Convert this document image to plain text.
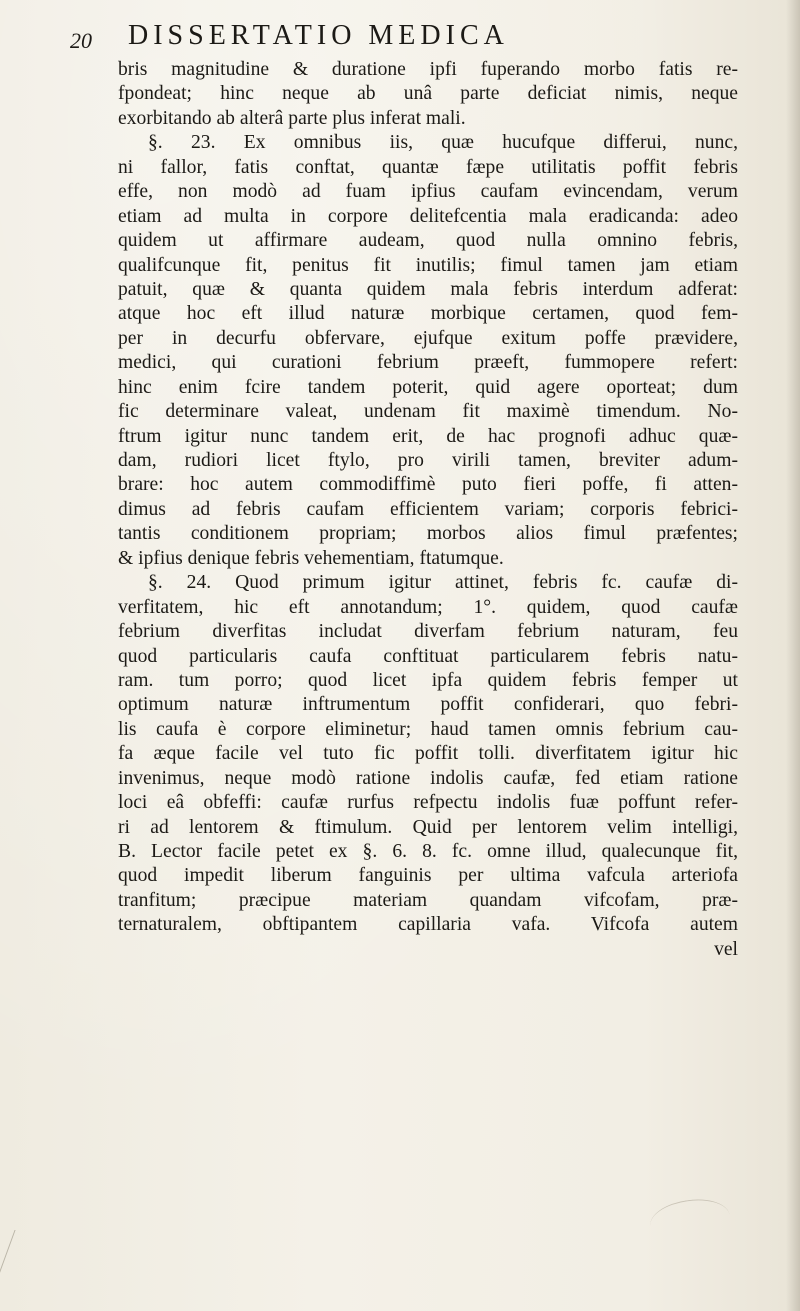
20 DISSERTATIO MEDICA
bris magnitudine & duratione ipfi fuperando morbo fatis re-
fpondeat; hinc neque ab unâ parte deficiat nimis, neque
exorbitando ab alterâ parte plus inferat mali.
§. 23. Ex omnibus iis, quæ hucufque differui, nunc,
ni fallor, fatis conftat, quantæ fæpe utilitatis poffit febris
effe, non modò ad fuam ipfius caufam evincendam, verum
etiam ad multa in corpore delitefcentia mala eradicanda: adeo
quidem ut affirmare audeam, quod nulla omnino febris,
qualifcunque fit, penitus fit inutilis; fimul tamen jam etiam
patuit, quæ & quanta quidem mala febris interdum adferat:
atque hoc eft illud naturæ morbique certamen, quod fem-
per in decurfu obfervare, ejufque exitum poffe prævidere,
medici, qui curationi febrium præeft, fummopere refert:
hinc enim fcire tandem poterit, quid agere oporteat; dum
fic determinare valeat, undenam fit maximè timendum. No-
ftrum igitur nunc tandem erit, de hac prognofi adhuc quæ-
dam, rudiori licet ftylo, pro virili tamen, breviter adum-
brare: hoc autem commodiffimè puto fieri poffe, fi atten-
dimus ad febris caufam efficientem variam; corporis febrici-
tantis conditionem propriam; morbos alios fimul præfentes;
& ipfius denique febris vehementiam, ftatumque.
§. 24. Quod primum igitur attinet, febris fc. caufæ di-
verfitatem, hic eft annotandum; 1°. quidem, quod caufæ
febrium diverfitas includat diverfam febrium naturam, feu
quod particularis caufa conftituat particularem febris natu-
ram. tum porro; quod licet ipfa quidem febris femper ut
optimum naturæ inftrumentum poffit confiderari, quo febri-
lis caufa è corpore eliminetur; haud tamen omnis febrium cau-
fa æque facile vel tuto fic poffit tolli. diverfitatem igitur hic
invenimus, neque modò ratione indolis caufæ, fed etiam ratione
loci eâ obfeffi: caufæ rurfus refpectu indolis fuæ poffunt refer-
ri ad lentorem & ftimulum. Quid per lentorem velim intelligi,
B. Lector facile petet ex §. 6. 8. fc. omne illud, qualecunque fit,
quod impedit liberum fanguinis per ultima vafcula arteriofa
tranfitum; præcipue materiam quandam vifcofam, præ-
ternaturalem, obftipantem capillaria vafa. Vifcofa autem
vel
